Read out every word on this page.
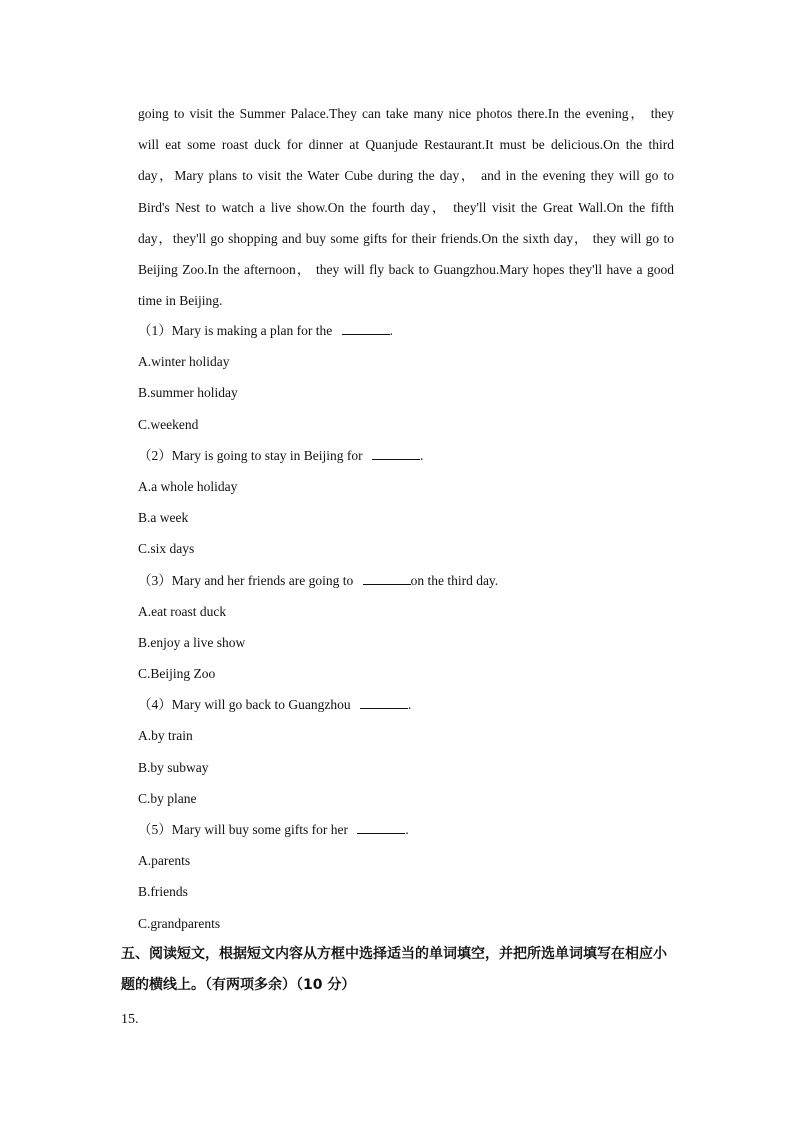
going to visit the Summer Palace.They can take many nice photos there.In the evening， they
will eat some roast duck for dinner at Quanjude Restaurant.It must be delicious.On the third
day，Mary plans to visit the Water Cube during the day， and in the evening they will go to
Bird's Nest to watch a live show.On the fourth day， they'll visit the Great Wall.On the fifth
day，they'll go shopping and buy some gifts for their friends.On the sixth day， they will go to
Beijing Zoo.In the afternoon， they will fly back to Guangzhou.Mary hopes they'll have a good
time in Beijing.
（1）Mary is making a plan for the	.
A.winter holiday
B.summer holiday
C.weekend
（2）Mary is going to stay in Beijing for	.
A.a whole holiday
B.a week
C.six days
（3）Mary and her friends are going to	on the third day.
A.eat roast duck
B.enjoy a live show
C.Beijing Zoo
（4）Mary will go back to Guangzhou	.
A.by train
B.by subway
C.by plane
（5）Mary will buy some gifts for her	.
A.parents
B.friends
C.grandparents
五、阅读短文，根据短文内容从方框中选择适当的单词填空，并把所选单词填写在相应小
题的横线上。（有两项多余）（10 分）
15.
